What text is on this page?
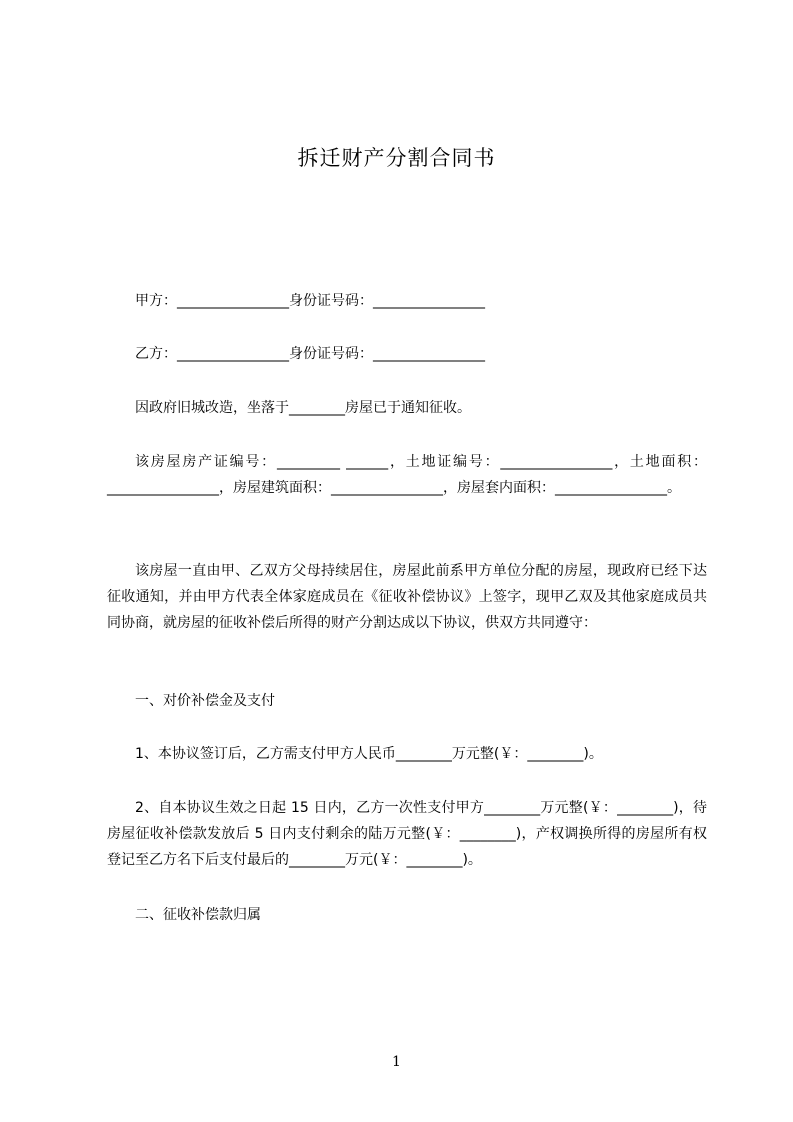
拆迁财产分割合同书
甲方：________________身份证号码：________________
乙方：________________身份证号码：________________
因政府旧城改造，坐落于________房屋已于通知征收。
该房屋房产证编号：_________ ______，土地证编号：________________，土地面积：________________，房屋建筑面积：________________，房屋套内面积：________________。
该房屋一直由甲、乙双方父母持续居住，房屋此前系甲方单位分配的房屋，现政府已经下达征收通知，并由甲方代表全体家庭成员在《征收补偿协议》上签字，现甲乙双及其他家庭成员共同协商，就房屋的征收补偿后所得的财产分割达成以下协议，供双方共同遵守：
一、对价补偿金及支付
1、本协议签订后，乙方需支付甲方人民币________万元整(￥：________)。
2、自本协议生效之日起 15 日内，乙方一次性支付甲方________万元整(￥：________)，待房屋征收补偿款发放后 5 日内支付剩余的陆万元整(￥：________)，产权调换所得的房屋所有权登记至乙方名下后支付最后的________万元(￥：________)。
二、征收补偿款归属
1
